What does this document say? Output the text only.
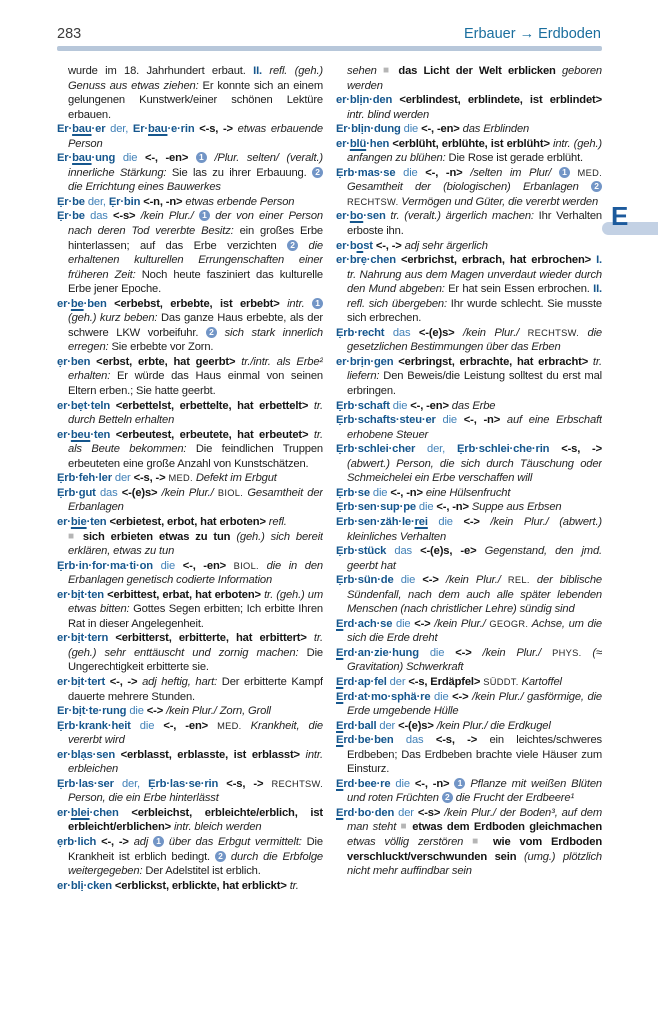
283	Erbauer → Erdboden
wurde im 18. Jahrhundert erbaut. II. refl. (geh.) Genuss aus etwas ziehen: Er konnte sich an einem gelungenen Kunstwerk/einer schönen Lektüre erbauen.
Er·bau·er der, Er·bau·e·rin <-s, -> etwas erbauende Person
Er·bau·ung die <-, -en> 1 /Plur. selten/ (veralt.) innerliche Stärkung: Sie las zu ihrer Erbauung. 2 die Errichtung eines Bauwerkes
Ẹr·be der, Ẹr·bin <-n, -n> etwas erbende Person
Ẹr·be das <-s> /kein Plur./ 1 der von einer Person nach deren Tod vererbte Besitz: ein großes Erbe hinterlassen; auf das Erbe verzichten 2 die erhaltenen kulturellen Errungenschaften einer früheren Zeit: Noch heute fasziniert das kulturelle Erbe jener Epoche.
er·be·ben <erbebst, erbebte, ist erbebt> intr. 1 (geh.) kurz beben: Das ganze Haus erbebte, als der schwere LKW vorbeifuhr. 2 sich stark innerlich erregen: Sie erbebte vor Zorn.
ẹr·ben <erbst, erbte, hat geerbt> tr./intr. als Erbe² erhalten: Er würde das Haus einmal von seinen Eltern erben.; Sie hatte geerbt.
er·bẹt·teln <erbettelst, erbettelte, hat erbettelt> tr. durch Betteln erhalten
er·beu·ten <erbeutest, erbeutete, hat erbeutet> tr. als Beute bekommen: Die feindlichen Truppen erbeuteten eine große Anzahl von Kunstschätzen.
Ẹrb·feh·ler der <-s, -> MED. Defekt im Erbgut
Ẹrb·gut das <-(e)s> /kein Plur./ BIOL. Gesamtheit der Erbanlagen
er·bie·ten <erbietest, erbot, hat erboten> refl.
■ sich erbieten etwas zu tun (geh.) sich bereit erklären, etwas zu tun
Ẹrb·in·for·ma·ti·on die <-, -en> BIOL. die in den Erbanlagen genetisch codierte Information
er·bịt·ten <erbittest, erbat, hat erboten> tr. (geh.) um etwas bitten: Gottes Segen erbitten; Ich erbitte Ihren Rat in dieser Angelegenheit.
er·bịt·tern <erbitterst, erbitterte, hat erbittert> tr. (geh.) sehr enttäuscht und zornig machen: Die Ungerechtigkeit erbitterte sie.
er·bịt·tert <-, -> adj heftig, hart: Der erbitterte Kampf dauerte mehrere Stunden.
Er·bịt·te·rung die <-> /kein Plur./ Zorn, Groll
Ẹrb·krank·heit die <-, -en> MED. Krankheit, die vererbt wird
er·blạs·sen <erblasst, erblasste, ist erblasst> intr. erbleichen
Ẹrb·las·ser der, Ẹrb·las·se·rin <-s, -> RECHTSW. Person, die ein Erbe hinterlässt
er·blei·chen <erbleichst, erbleichte/erblich, ist erbleicht/erblichen> intr. bleich werden
ẹrb·lich <-, -> adj 1 über das Erbgut vermittelt: Die Krankheit ist erblich bedingt. 2 durch die Erbfolge weitergegeben: Der Adelstitel ist erblich.
er·blị·cken <erblickst, erblickte, hat erblickt> tr.
sehen ■ das Licht der Welt erblicken geboren werden
er·blịn·den <erblindest, erblindete, ist erblindet> intr. blind werden
Er·blịn·dung die <-, -en> das Erblinden
er·blü·hen <erblüht, erblühte, ist erblüht> intr. (geh.) anfangen zu blühen: Die Rose ist gerade erblüht.
Ẹrb·mas·se die <-, -n> /selten im Plur/ 1 MED. Gesamtheit der (biologischen) Erbanlagen 2 RECHTSW. Vermögen und Güter, die vererbt werden
er·bo·sen tr. (veralt.) ärgerlich machen: Ihr Verhalten erboste ihn.
er·bost <-, -> adj sehr ärgerlich
er·brẹ·chen <erbrichst, erbrach, hat erbrochen> I. tr. Nahrung aus dem Magen unverdaut wieder durch den Mund abgeben: Er hat sein Essen erbrochen. II. refl. sich übergeben: Ihr wurde schlecht. Sie musste sich erbrechen.
Ẹrb·recht das <-(e)s> /kein Plur./ RECHTSW. die gesetzlichen Bestimmungen über das Erben
er·brịn·gen <erbringst, erbrachte, hat erbracht> tr. liefern: Den Beweis/die Leistung solltest du erst mal erbringen.
Ẹrb·schaft die <-, -en> das Erbe
Ẹrb·schafts·steu·er die <-, -n> auf eine Erbschaft erhobene Steuer
Ẹrb·schlei·cher der, Ẹrb·schlei·che·rin <-s, -> (abwert.) Person, die sich durch Täuschung oder Schmeichelei ein Erbe verschaffen will
Ẹrb·se die <-, -n> eine Hülsenfrucht
Ẹrb·sen·sup·pe die <-, -n> Suppe aus Erbsen
Erb·sen·zäh·le·rei die <-> /kein Plur./ (abwert.) kleinliches Verhalten
Ẹrb·stück das <-(e)s, -e> Gegenstand, den jmd. geerbt hat
Ẹrb·sün·de die <-> /kein Plur./ REL. der biblische Sündenfall, nach dem auch alle später lebenden Menschen (nach christlicher Lehre) sündig sind
Erd·ach·se die <-> /kein Plur./ GEOGR. Achse, um die sich die Erde dreht
Erd·an·zie·hung die <-> /kein Plur./ PHYS. (≈ Gravitation) Schwerkraft
Erd·ap·fel der <-s, Erdäpfel> SÜDDT. Kartoffel
Erd·at·mo·sphä·re die <-> /kein Plur./ gasförmige, die Erde umgebende Hülle
Erd·ball der <-(e)s> /kein Plur./ die Erdkugel
Erd·be·ben das <-s, -> ein leichtes/schweres Erdbeben; Das Erdbeben brachte viele Häuser zum Einsturz.
Erd·bee·re die <-, -n> 1 Pflanze mit weißen Blüten und roten Früchten 2 die Frucht der Erdbeere¹
Erd·bo·den der <-s> /kein Plur./ der Boden³, auf dem man steht ■ etwas dem Erdboden gleichmachen etwas völlig zerstören ■ wie vom Erdboden verschluckt/verschwunden sein (umg.) plötzlich nicht mehr auffindbar sein
E
